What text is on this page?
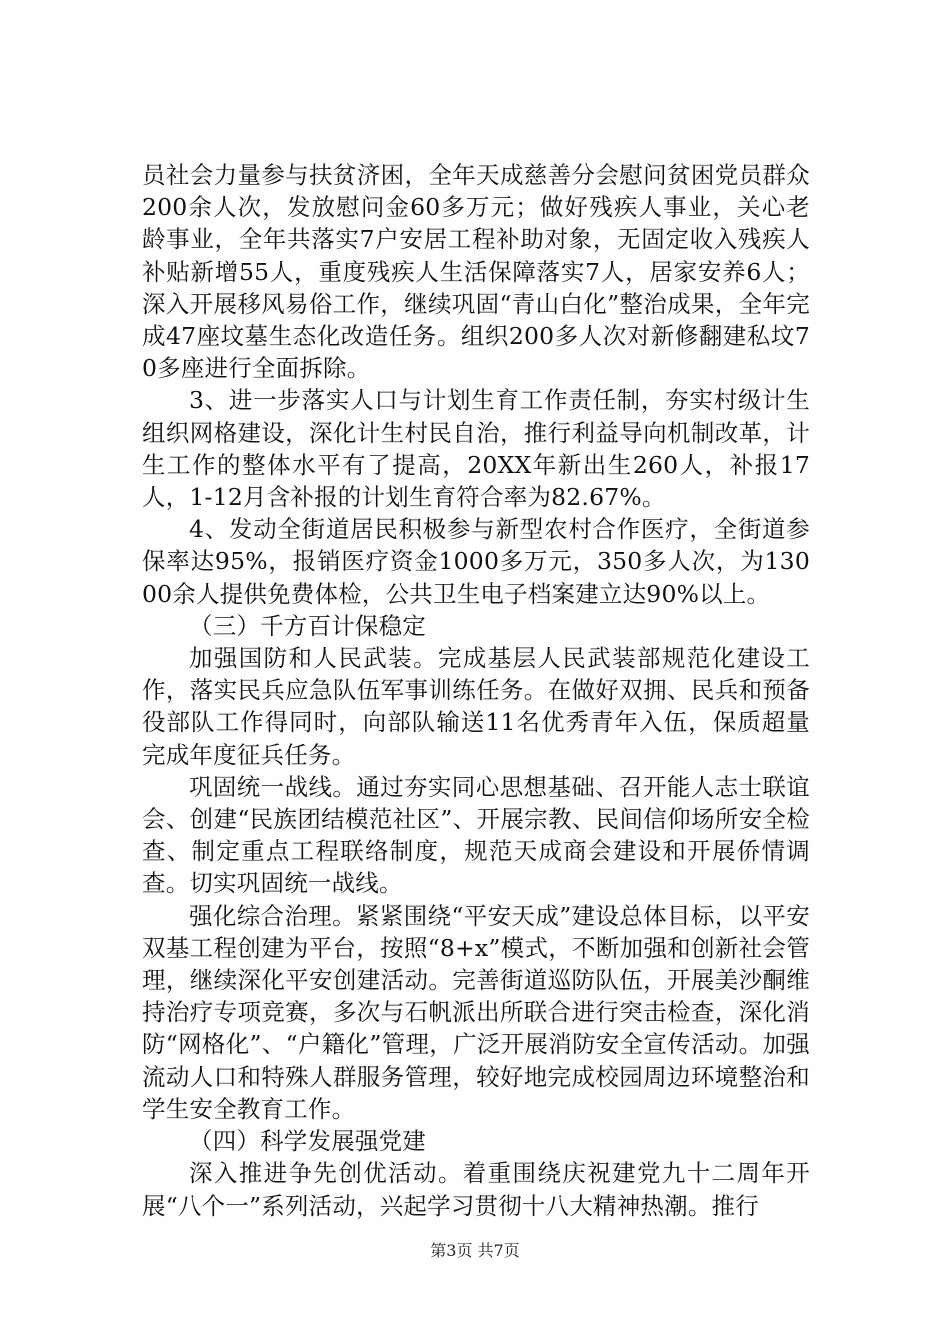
员社会力量参与扶贫济困，全年天成慈善分会慰问贫困党员群众200余人次，发放慰问金60多万元；做好残疾人事业，关心老龄事业，全年共落实7户安居工程补助对象，无固定收入残疾人补贴新增55人，重度残疾人生活保障落实7人，居家安养6人；深入开展移风易俗工作，继续巩固“青山白化”整治成果，全年完成47座坟墓生态化改造任务。组织200多人次对新修翻建私坟70多座进行全面拆除。

3、进一步落实人口与计划生育工作责任制，夯实村级计生组织网格建设，深化计生村民自治，推行利益导向机制改革，计生工作的整体水平有了提高，20XX年新出生260人，补报17人，1-12月含补报的计划生育符合率为82.67%。

4、发动全街道居民积极参与新型农村合作医疗，全街道参保率达95%，报销医疗资金1000多万元，350多人次，为13000余人提供免费体检，公共卫生电子档案建立达90%以上。

（三）千方百计保稳定

加强国防和人民武装。完成基层人民武装部规范化建设工作，落实民兵应急队伍军事训练任务。在做好双拥、民兵和预备役部队工作得同时，向部队输送11名优秀青年入伍，保质超量完成年度征兵任务。

巩固统一战线。通过夯实同心思想基础、召开能人志士联谊会、创建“民族团结模范社区”、开展宗教、民间信仰场所安全检查、制定重点工程联络制度，规范天成商会建设和开展侨情调查。切实巩固统一战线。

强化综合治理。紧紧围绕“平安天成”建设总体目标，以平安双基工程创建为平台，按照“8+x”模式，不断加强和创新社会管理，继续深化平安创建活动。完善街道巡防队伍，开展美沙酮维持治疗专项竞赛，多次与石帆派出所联合进行突击检查，深化消防“网格化”、“户籍化”管理，广泛开展消防安全宣传活动。加强流动人口和特殊人群服务管理，较好地完成校园周边环境整治和学生安全教育工作。

（四）科学发展强党建

深入推进争先创优活动。着重围绕庆祝建党九十二周年开展“八个一”系列活动，兴起学习贯彻十八大精神热潮。推行

第3页 共7页
